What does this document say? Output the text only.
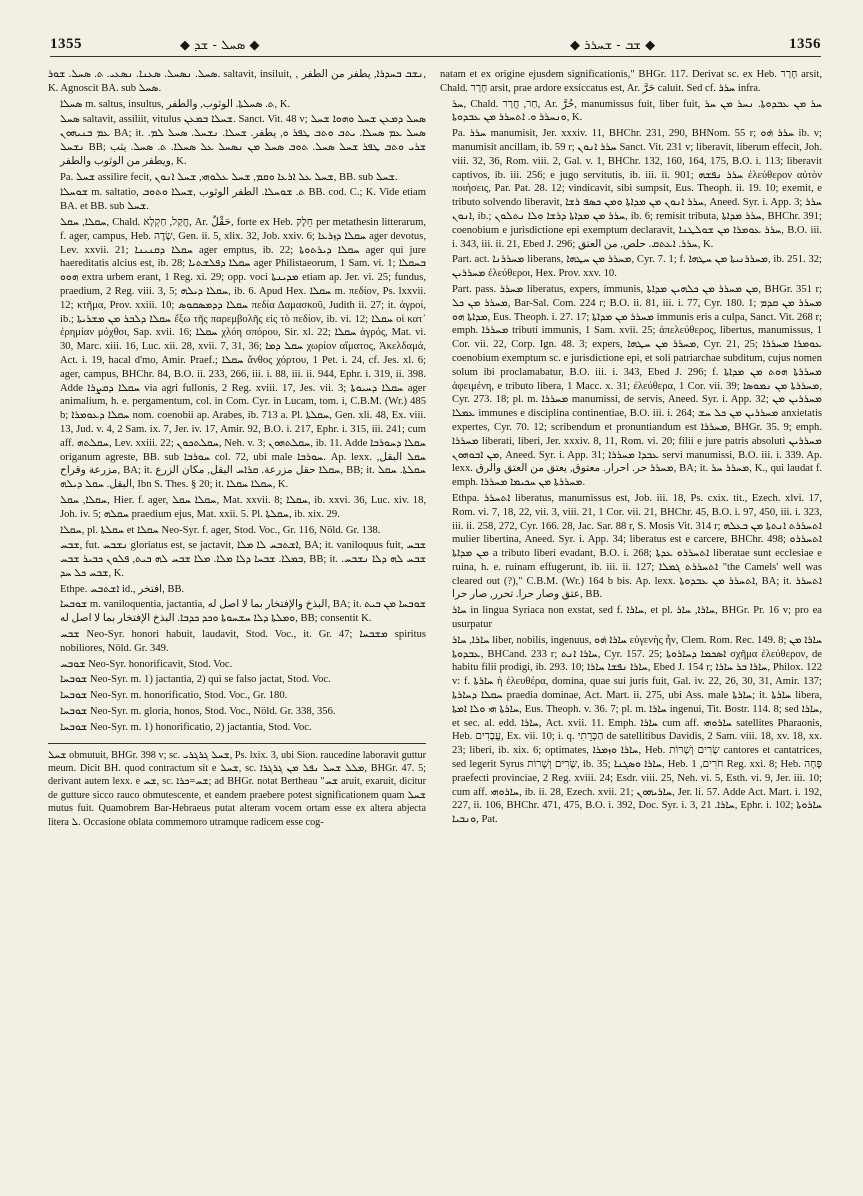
1355	◆ ܣܚܠ - ܫܕ ◆	◆ ܫܒ - ܫܚܪܪ ◆	1356

ܣܚܠ. ܢܣܚܠ. ܣܥܢܐ. ܢܣܥܝ. ܬ. ܣܚܠ. ܫܘܪ. saltavit, insiluit, ‚ ܢܫܒ ܒܚܕܪܐ, يطفر من الطفر, K. Agnoscit BA. sub ܣܚܠ.

ܣܚܠܐ m. saltus, insultus, ܬ. ܣܚܠܬܐ. الوثوب, والطفر, K.

ܣܚܠ saltavit, assiliit, vitulus ܫܚܠܐ ܒܡܥܢ. Sanct. Vit. 48 v; ܣܚܠ ܕܡܥܢ ܫܚܠ ܘܗܘܐ ܫܚܠ ܥܡ ܒܢܝܗܘܢ BA; it. ܣܚܠ ܥܡ ܣܚܠܐ. ܝܬܒ ܘܬܒ ܛܦܪ ܘ, يطفر. ܫܚܠܐ. ܢܫܚܠ. ܣܚܠ ܠܡ. ܢܫܚܠ BB; ܫܪܝ ܘܬܒ ܛܦܪ ܫܚܠ ܣܚܠ. ܬܘܒ ܣܚܠ ܡܢ ܢܣܚܠ ܥܠ ܣܚܠܐ. ܬ. ܣܚܠ. يثب ويطفر من الوثوب والطفر, K.

Pa. ܫܚܠ assilire fecit, ܫܚܠ ܥܠ ܐܪܥܐ ܘܩܡ, ܫܚܠ ܥܠܘܗܝ, ܫܚܠ ܐܢܘܢ, BB. sub ܫܚܠ.

ܫܘܚܠܐ m. saltatio, ܬ. ܫܘܚܠܐ. الطفر الوثوب ,ܫܚܠܐ ܘܬܘܒ BB. cod. C.; K. Vide etiam BA. et BB. sub ܫܚܠ.

ܚܩܠܐ, ܚܩܠ, Chald. חֲקַל, חַקְלָא, Ar. حَقْلٌ, forte ex Heb. חֵלֶק per metathesin litterarum, f. ager, campus, Heb. שָׂדֶה, Gen. ii. 5, xlix. 32, Job. xxiv. 6; ܚܩܠܐ ܕܙܪܥܐ ager devotus, Lev. xxvii. 21; ܚܩܠܐ ܕܩܢܝܢܐ ager emptus, ib. 22; ܚܩܠܐ ܕܝܪܬܘܬܐ ager qui jure haereditatis alcius est, ib. 28; ܚܩܠܐ ܕܦܠܫܬܝܐ ager Philistaeorum, 1 Sam. vi. 1; ܒܚܩܠܐ ܗܘܘ extra urbem erant, 1 Reg. xi. 29; opp. voci ܡܕܝܢܬܐ etiam ap. Jer. vi. 25; fundus, praedium, 2 Reg. viii. 3, 5; ܚܩܠܐ ܕܝܠܗ, ib. 6. Apud Hex. ܚܩܠܐ m. πεδίον, Ps. lxxvii. 12; κτῆμα, Prov. xxiii. 10; ܚܩܠܐ ܕܕܡܣܩܘܣ πεδία Δαμασκοῦ, Judith ii. 27; it. ἀγροί, ib.; ܚܩܠܐ ܕܠܒܪ ܡܢ ܡܫܪܝܬܐ ἔξω τῆς παρεμβολῆς εἰς τὸ πεδίον, ib. vi. 12; ܚܩܠܐ οἱ κατ᾽ ἐρημίαν μόχθοι, Sap. xvii. 16; ܚܩܠܐ χλόη σπόρου, Sir. xl. 22; ܚܩܠܐ ἀγρός, Mat. vi. 30, Marc. xiii. 16, Luc. xii. 28, xvii. 7, 31, 36; ܚܩܠ ܕܡܐ χωρίον αἵματος, Ἀκελδαμά, Act. i. 19, hacal d'mo, Amir. Praef.; ܚܩܠܐ ἄνθος χόρτου, 1 Pet. i. 24, cf. Jes. xl. 6; ager, campus, BHChr. 84, B.O. ii. 233, 266, iii. i. 88, iii. ii. 944, Ephr. i. 319, ii. 398. Adde ܚܩܠܐ ܕܩܨܪܐ via agri fullonis, 2 Reg. xviii. 17, Jes. vii. 3; ܚܩܠܐ ܕܚܝܘܬܐ ager animalium, h. e. pergamentum, col. in Com. Cyr. in Lucam, tom. i, C.B.M. (Wr.) 485 b; ܚܩܠܐ ܕܥܘܡܪܐ nom. coenobii ap. Arabes, ib. 713 a. Pl. ܚܩܠܬܐ, Gen. xli. 48, Ex. viii. 13, Jud. v. 4, 2 Sam. ix. 7, Jer. iv. 17, Amir. 92, B.O. i. 217, Ephr. i. 315, iii. 241; cum aff. ܚܩܠܬܗ, Lev. xxiii. 22; ܚܩܠܬܟܘܢ, Neh. v. 3; ܚܩܠܬܗܘܢ, ib. 11. Adde ܚܩܠܐ ܕܚܘܪܒܐ origanum agreste, BB. sub ܚܘܪܒܐ col. 72, ubi male ܚܘܪܒܐ. Ap. lexx. ܚܩܠ البقل, مزرعة وقراح, BA; it. ܚܩܠܐ حقل مزرعة. ܩܪܐܚ البقل, مكان الزرع, BB; it. ܚܩܠܬܐ. ܚܩܠ البقل. ܚܩܠ ܕܝܠܗ, Ibn S. Thes. § 20; it. ܚܩܠܐ ܚܩܠܐ, K.

ܚܩܠܐ, ܚܩܠ, Hier. f. ager, ܚܩܠܐ ܚܩܠ, Mat. xxvii. 8; ܚܩܠܐ, ib. xxvi. 36, Luc. xiv. 18, Joh. iv. 5; ܚܩܠܗ praedium ejus, Mat. xxii. 5. Pl. ܚܩܠܬܐ, ib. xix. 29.

ܚܩܠܐ, pl. ܚܩܠܬܐ et ܚܩܠܐ Neo-Syr. f. ager, Stod. Voc., Gr. 116, Nöld. Gr. 138.

ܫܒܚ, fut. ܢܫܒܚ gloriatus est, se jactavit, ܐܫܬܒܚ ܠܐ ܡܠܐ, BA; it. vaniloquus fuit, ܫܒܚ ܒܡܠܐ. ܫܒܚܐ ܕܠܐ ܡܠܐ. ܡܠܐ ܫܒܚ ܠܗ ܒܝܬ, ܦܠܘܢ ܟܒܝܪ ܫܒܚ, BB; it. ܫܒܚ ܠܗ ܕܠܐ ܢܫܒܚ. ܫܒܚ ܟܠ ܚܕ, K.

Ethpe. ܐܫܬܒܚ id., افتخر, BB.

ܫܘܒܚܐ m. vaniloquentia, jactantia, البذخ والإفتخار بما لا اصل له, BA; it. ܫܘܒܚܐ ܡܢ ܒܝܬ ܘܡܠܬܐ ܕܠܐ ܚܫܚܘܬܐ ܘܟܕ ܟܕܒܐ. البذخ الإفتخار بما لا اصل له, BB; consentit K.

ܫܒܚ Neo-Syr. honori habuit, laudavit, Stod. Voc., it. Gr. 47; ܡܫܒܚܐ spiritus nobiliores, Nöld. Gr. 349.

ܫܘܒܚ Neo-Syr. honorificavit, Stod. Voc.

ܫܘܒܚܐ Neo-Syr. m. 1) jactantia, 2) qui se falso jactat, Stod. Voc.

ܫܘܒܚܐ Neo-Syr. m. honorificatio, Stod. Voc., Gr. 180.

ܫܘܒܚܐ Neo-Syr. m. gloria, honos, Stod. Voc., Nöld. Gr. 338, 356.

ܫܘܒܚܐ Neo-Syr. m. 1) honorificatio, 2) jactantia, Stod. Voc.

ܫܚܠ obmutuit, BHGr. 398 v; sc. ܫܚܠ ܓܪܓܪܝ, Ps. lxix. 3, ubi Sion. raucedine laboravit guttur meum. Dicit BH. quod contractum sit e ܫܚܠ, sc. ܡܠܠ ܫܚܠ ܢܦܠ ܡܢ ܓܪܓܪܐ, BHGr. 47. 5; derivant autem lexx. e ܫܚ, sc. ܫܚ=ܟܪܐ; ad BHGr. notat Bertheau "ܫܚ aruit, exaruit, dicitur de gutture sicco rauco obmutescente, et eandem praebere potest significationem quam ܫܚܠ mutus fuit. Quamobrem Bar-Hebraeus putat alteram vocem ortam esse ex altera abjecta litera ܠ. Occasione oblata commemoro utramque radicem esse cog-

natam et ex origine ejusdem significationis," BHGr. 117. Derivat sc. ex Heb. חָרַר arsit, Chald. חָרַר arsit, prae ardore exsiccatus est, Ar. حَرَّ caluit. Sed cf. ܚܪܪ infra.

ܚܪ, Chald. חַר, חֲרַר, Ar. حُرَّ, manumissus fuit, liber fuit, ܚܪ ܡܢ ܥܒܕܘܬܐ. ܢܚܪ ܡܢ ܚܪ ܘܢܚܪܪ ܘ. ܐܬܚܪܪ ܡܢ ܥܒܕܘܬܐ, K.

Pa. ܚܪܪ manumisit, Jer. xxxiv. 11, BHChr. 231, 290, BHNom. 55 r; ܚܪܪ ܗ݁ܘ ib. v; manumisit ancillam, ib. 59 r; ܚܪܪ ܐܢܘܢ Sanct. Vit. 231 v; liberavit, liberum effecit, Joh. viii. 32, 36, Rom. viii. 2, Gal. v. 1, BHChr. 132, 160, 164, 175, B.O. i. 113; liberavit captivos, ib. iii. 256; e jugo servitutis, ib. iii. ii. 901; ܚܪܪ ܢܦܫܗ ἐλεύθερον αὐτὸν ποιήσεις, Par. Pat. 28. 12; vindicavit, sibi sumpsit, Eus. Theoph. ii. 19. 10; exemit, e tributo solvendo liberavit, ܚܪܪ ܐܢܘܢ ܡܢ ܡܕܐܬܐ ܘܡܢ ܟܣܦ ܪܫܐ, Aneed. Syr. i. App. 3; ܚܪܪ ܐܢܘܢ, ib.; ܚܪܪ ܡܢ ܡܕܐܬܐ ܕܪܫܐ ܘܠܐ ܢܬܠܘܢ, ib. 6; remisit tributa, ܚܪܪ ܡܕܐܬܐ, BHChr. 391; coenobium e jurisdictione epi exemptum declaravit, ܚܪܪ ܥܘܡܪܐ ܡܢ ܫܘܠܛܢܐ, B.O. iii. i. 343, iii. ii. 21, Ebed J. 296; ܚܪܪ. ܐܥܬܩ. حلص, من العتق, K.

Part. act. ܡܚܪܪܢܐ liberans, ܡܚܪܪ ܡܢ ܚܛܗܐ, Cyr. 7. 1; f. ܡܚܪܪܢܝܬܐ ܡܢ ܚܛܗܐ, ib. 251. 32; ܡܚܪܪܝܢ ἐλεύθεροι, Hex. Prov. xxv. 10.

Part. pass. ܡܚܪܪ liberatus, expers, immunis, ܡܢ ܡܚܪܪ ܡܢ ܟܠܗܝܢ ܡܕܐܬܐ, BHGr. 351 r; ܡܚܪܪ ܡܢ ܟܠ, Bar-Sal. Com. 224 r; B.O. ii. 81, iii. i. 77, Cyr. 180. 1; ܡܚܪܪ ܡܢ ܩܕܡ ܡܕܐܬܐ ܗܘ, Eus. Theoph. i. 27. 17; ܡܚܪܪ ܡܢ ܡܕܐܬܐ immunis eris a culpa, Sanct. Vit. 268 r; emph. ܡܚܪܪܐ tributi immunis, 1 Sam. xvii. 25; ἀπελεύθερος, libertus, manumissus, 1 Cor. vii. 22, Corp. Ign. 48. 3; expers, ܡܚܪܪ ܡܢ ܚܛܗܐ, Cyr. 21, 25; ܥܘܡܪܐ ܡܚܪܪܐ coenobium exemptum sc. e jurisdictione epi, et soli patriarchae subditum, cujus nomen solum ibi proclamabatur, B.O. iii. i. 343, Ebed J. 296; f. ܡܚܪܪܬܐ ܗܘܬ ܡܢ ܡܕܐܬܐ ἀφειμένη, e tributo libera, 1 Macc. x. 31; ἐλεύθερα, 1 Cor. vii. 39; ܡܚܪܪܬܐ ܡܢ ܢܡܘܣܐ, Cyr. 273. 18; pl. m. ܡܚܪܪܐ manumissi, de servis, Aneed. Syr. i. App. 32; ܡܚܪܪܝܢ ܡܢ ܥܡܠܐ immunes e disciplina continentiae, B.O. iii. i. 264; ܡܚܪܪܝܢ ܡܢ ܟܠ ܚܫ anxietatis expertes, Cyr. 70. 12; scribendum et pronuntiandum est ܡܚܪܪܐ, BHGr. 35. 9; emph. ܡܚܪܪܐ liberati, liberi, Jer. xxxiv. 8, 11, Rom. vi. 20; filii e jure patris absoluti ܡܚܪܪܝܢ ܡܢ ܐܒܘܗܘܢ, Aneed. Syr. i. App. 31; ܥܒܕܐ ܡܚܪܪܐ servi manumissi, B.O. iii. i. 339. Ap. lexx. ܡܚܪܪ حر. احرار. معتوق, يعتق من العتق والرق, BA; it. ܡܚܪܪ ܚܪ, K., qui laudat f. emph. ܡܚܪܪܬܐ ܡܢ ܚܟܝܡܐ ܡܚܪܪܐ.

Ethpa. ܐܬܚܪܪ liberatus, manumissus est, Job. iii. 18, Ps. cxix. tit., Ezech. xlvi. 17, Rom. vi. 7, 18, 22, vii. 3, viii. 21, 1 Cor. vii. 21, BHChr. 45, B.O. i. 97, 450, iii. i. 323, iii. ii. 258, 272, Cyr. 166. 28, Jac. Sar. 88 r, S. Mosis Vit. 314 r; ܐܬܚܪܪܬ ܐܢܬܬܐ ܡܢ ܒܥܠܗ mulier libertina, Aneed. Syr. i. App. 34; liberatus est e carcere, BHChr. 498; ܐܬܚܪܪܘ ܡܢ ܡܕܐܬܐ a tributo liberi evadant, B.O. i. 268; ܐܬܚܪܪܘ ܥܕܬܐ liberatae sunt ecclesiae e ruina, h. e. ruinam effugerunt, ib. iii. ii. 127; ܐܬܚܪܪܬ ܓܡܠܐ "the Camels' well was cleared out (?)," C.B.M. (Wr.) 164 b bis. Ap. lexx. ܐܬܚܪܪ ܡܢ ܥܒܕܘܬܐ, BA; it. ܐܬܚܪܪ عتق وصار حرا. تحرر, صار حرا, BB.

ܚܐܪ in lingua Syriaca non exstat, sed f. ܚܐܪܐ, et pl. ܚܐܪܐ, ܚܐܪ, BHGr. Pr. 16 v; pro ea usurpatur

ܚܐܪܐ, ܚܐܪ liber, nobilis, ingenuus, ܚܐܪܐ ܗ݁ܘ εὐγενὴς ἦν, Clem. Rom. Rec. 149. 8; ܚܐܪܐ ܡܢ ܥܒܕܘܬܐ, BHCand. 233 r; ܚܐܪܐ ܐܢܬ, Cyr. 157. 25; ܐܣܟܡܐ ܕܚܐܪܘܬܐ σχῆμα ἐλεύθερον, de habitu filii prodigi, ib. 293. 10; ܚܐܪܐ ܢܦܫܐ ܚܐܪܐ, Ebed J. 154 r; ܚܐܪܐ ܒܪ ܚܐܪܐ, Philox. 122 v: f. ܚܐܪܬܐ ἡ ἐλευθέρα, domina, quae sui juris fuit, Gal. iv. 22, 26, 30, 31, Amir. 137; ܚܩܠܐ ܕܚܐܪܬܐ praedia dominae, Act. Mart. ii. 275, ubi Ass. male ܚܐܪܬܐ; it. ܚܐܪܬܐ libera, ܚܐܪܬܐ ܗܝ ܘܠܐ ܐܡܬܐ, Eus. Theoph. v. 36. 7; pl. m. ܚܐܪܐ ingenui, Tit. Bostr. 114. 8; sed ܚܐܪܐ, et sec. al. edd. ܚܐܪܐ, Act. xvii. 11. Emph. ܚܐܪܐ cum aff. ܚܐܪܘܗܝ satellites Pharaonis, Heb. עֲבָדִים, Ex. vii. 10; i. q. הַכְּרֵתִי de satellitibus Davidis, 2 Sam. viii. 18, xv. 18, xx. 23; liberi, ib. xix. 6; optimates, ܚܐܪܐ ܘܙܡܪܐ, Heb. שָׂרִים וְשָׁרוֹת cantores et cantatrices, sed legerit Syrus שָׂרִים וְשָׁרוֹת, ib. 35; ܚܐܪܐ ܘܣܓܢܐ, Heb. חֹרִים, 1 Reg. xxi. 8; Heb. פֶּחָה praefecti provinciae, 2 Reg. xviii. 24; Esdr. viii. 25, Neh. vi. 5, Esth. vi. 9, Jer. iii. 10; cum aff. ܚܐܪܘܗܝ, ib. ii. 28, Ezech. xvii. 21; ܚܐܪܝܗܘܢ, Jer. li. 57. Adde Act. Mart. i. 192, 227, ii. 106, BHChr. 471, 475, B.O. i. 392, Doc. Syr. i. 3, ܚܐܪܐ. 21, Ephr. i. 102; ܚܐܪܘܬܐ ܘܢܒܝܐ, Pat.
